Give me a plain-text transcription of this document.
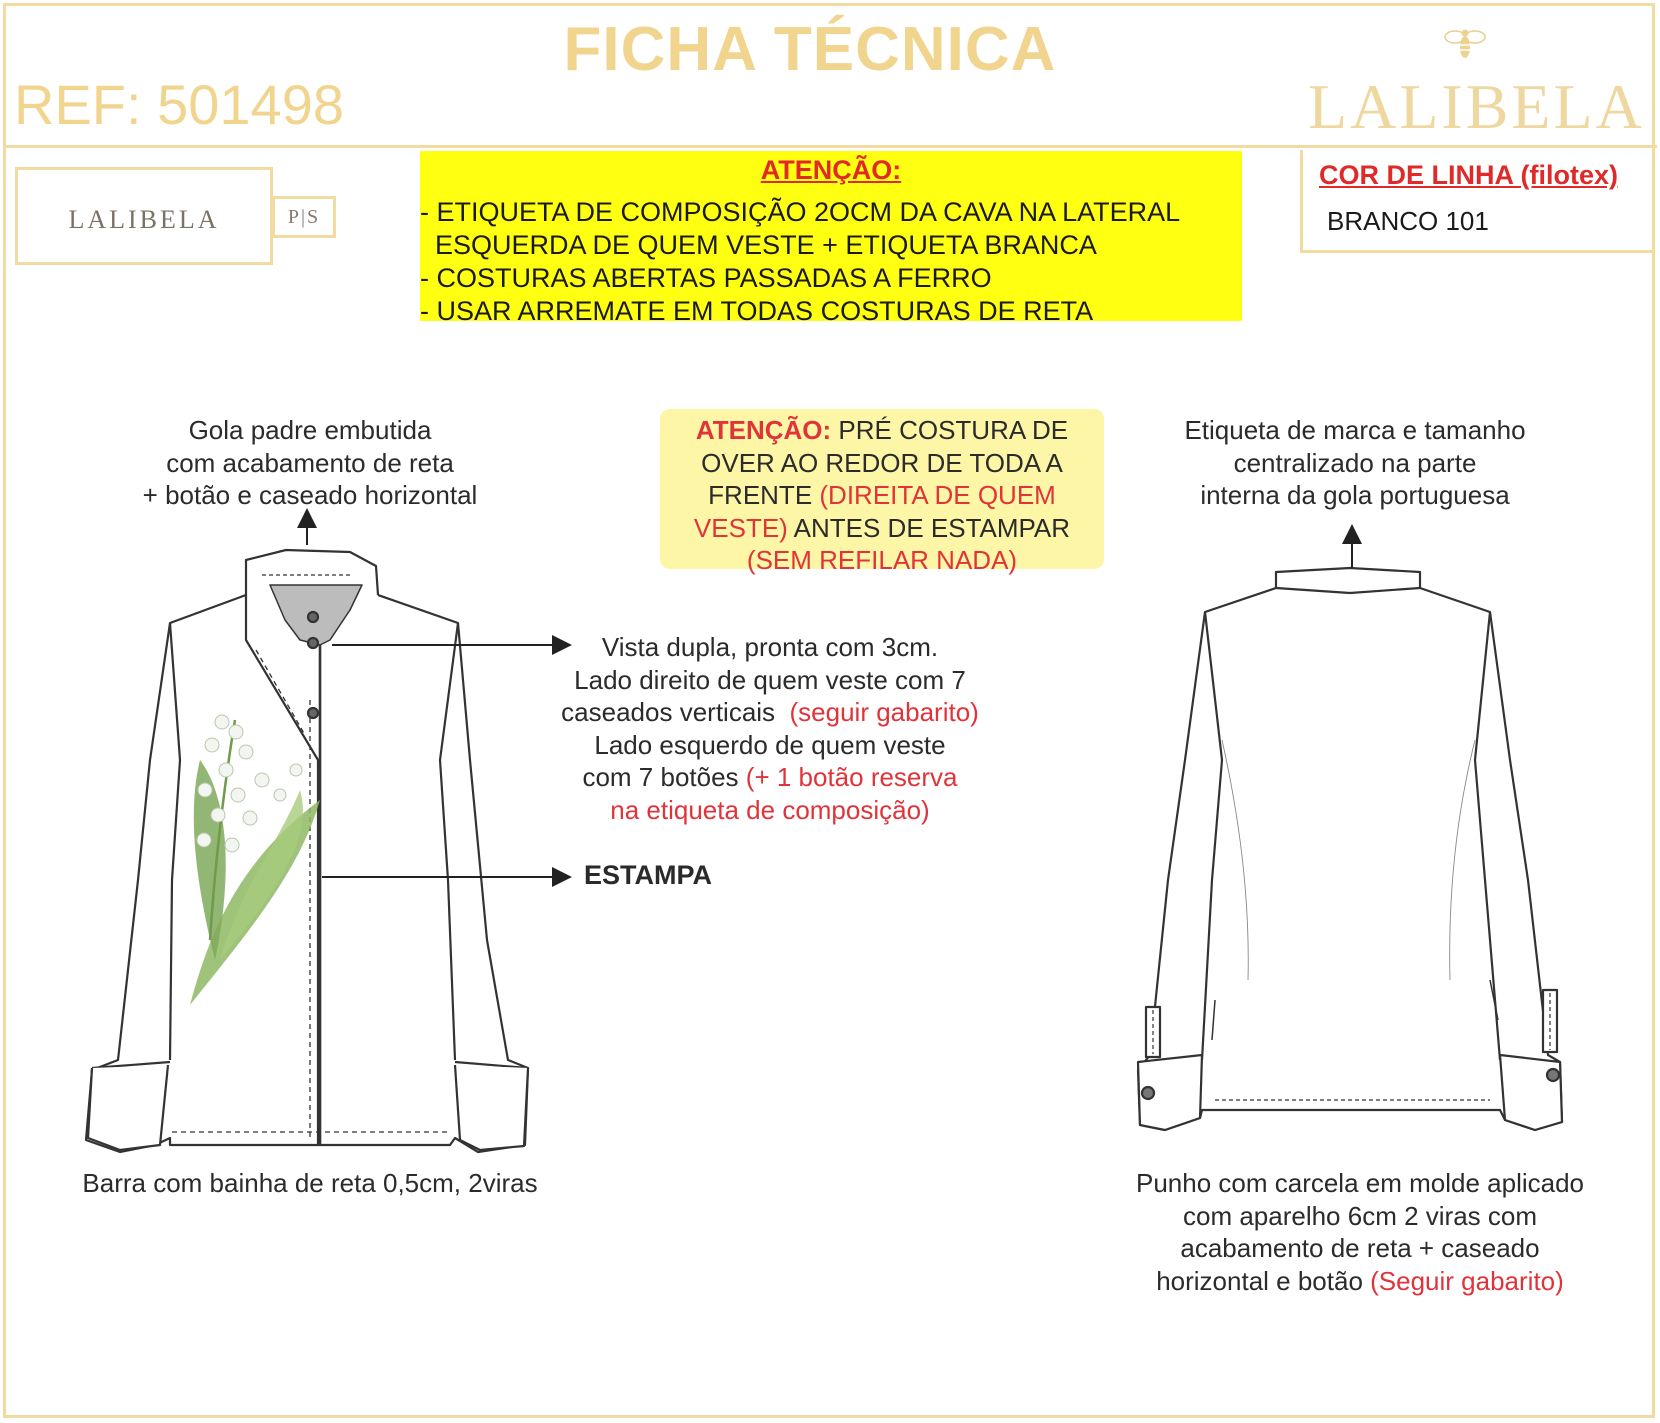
FICHA TÉCNICA
REF: 501498	LALIBELA
LALIBELA	P|S
ATENÇÃO:
- ETIQUETA DE COMPOSIÇÃO 2OCM DA CAVA NA LATERAL
ESQUERDA DE QUEM VESTE + ETIQUETA BRANCA
- COSTURAS ABERTAS PASSADAS A FERRO
- USAR ARREMATE EM TODAS COSTURAS DE RETA
COR DE LINHA (filotex)
BRANCO 101
Gola padre embutida
com acabamento de reta
+ botão e caseado horizontal
ATENÇÃO: PRÉ COSTURA DE
OVER AO REDOR DE TODA A
FRENTE (DIREITA DE QUEM
VESTE) ANTES DE ESTAMPAR
(SEM REFILAR NADA)
Etiqueta de marca e tamanho
centralizado na parte
interna da gola portuguesa
Vista dupla, pronta com 3cm.
Lado direito de quem veste com 7
caseados verticais  (seguir gabarito)
Lado esquerdo de quem veste
com 7 botões (+ 1 botão reserva
na etiqueta de composição)
ESTAMPA
Barra com bainha de reta 0,5cm, 2viras	Punho com carcela em molde aplicado
com aparelho 6cm 2 viras com
acabamento de reta + caseado
horizontal e botão (Seguir gabarito)
